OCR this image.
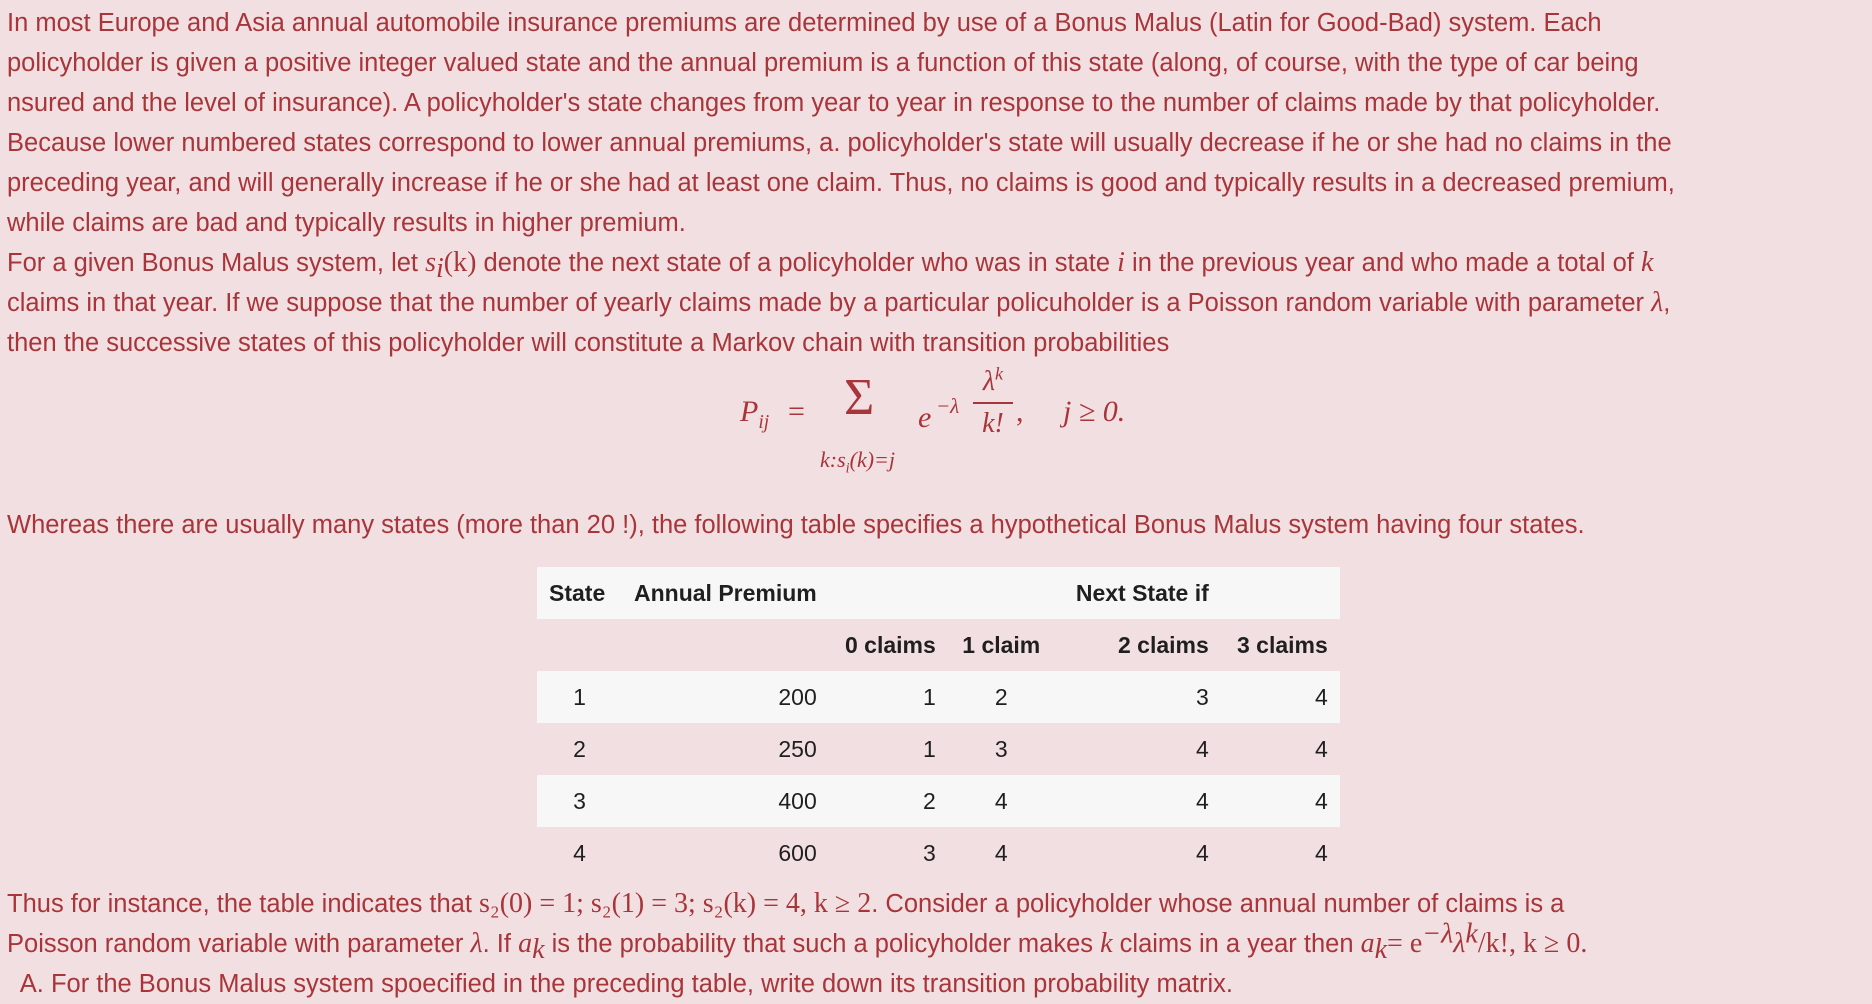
In most Europe and Asia annual automobile insurance premiums are determined by use of a Bonus Malus (Latin for Good-Bad) system. Each

policyholder is given a positive integer valued state and the annual premium is a function of this state (along, of course, with the type of car being

nsured and the level of insurance). A policyholder's state changes from year to year in response to the number of claims made by that policyholder.

Because lower numbered states correspond to lower annual premiums, a. policyholder's state will usually decrease if he or she had no claims in the

preceding year, and will generally increase if he or she had at least one claim. Thus, no claims is good and typically results in a decreased premium,

while claims are bad and typically results in higher premium.

For a given Bonus Malus system, let $s_i(k)$ denote the next state of a policyholder who was in state i in the previous year and who made a total of k

claims in that year. If we suppose that the number of yearly claims made by a particular policuholder is a Poisson random variable with parameter λ,

then the successive states of this policyholder will constitute a Markov chain with transition probabilities

$P_{ij} = \Sigma$
$k:s_i(k)=j$
e −λ
$\lambda^k$
k! , j ≥ 0.

Whereas there are usually many states (more than 20 !), the following table specifies a hypothetical Bonus Malus system having four states.

State	Annual Premium			Next State if	
		0 claims	1 claim	2 claims	3 claims
1	200	1	2	3	4
2	250	1	3	4	4
3	400	2	4	4	4
4	600	3	4	4	4

Thus for instance, the table indicates that s₂(0) = 1; s₂(1) = 3; s₂(k) = 4, k ≥ 2. Consider a policyholder whose annual number of claims is a

Poisson random variable with parameter λ. If $a_k$ is the probability that such a policyholder makes k claims in a year then $a_k= e^{-\lambda}\lambda^k/k$!, k ≥ 0.

A. For the Bonus Malus system spoecified in the preceding table, write down its transition probability matrix.
